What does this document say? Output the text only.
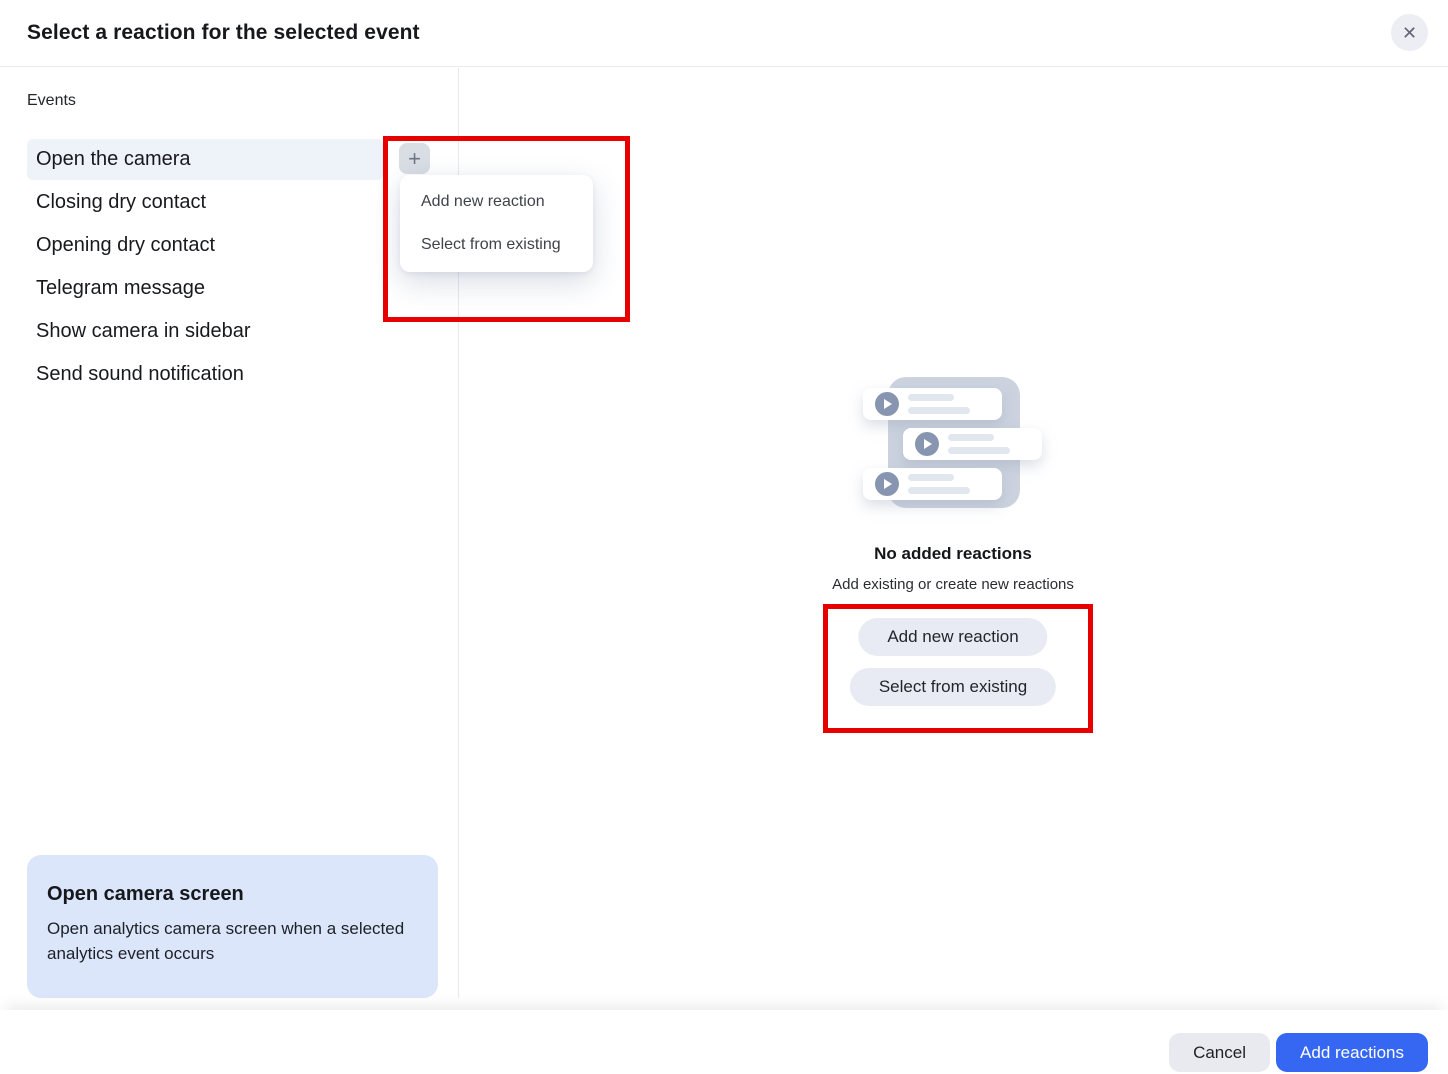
Select a reaction for the selected event	✕
Events
Open the camera
Closing dry contact
Opening dry contact
Telegram message
Show camera in sidebar
Send sound notification
+
Add new reaction
Select from existing
No added reactions
Add existing or create new reactions
Add new reaction
Select from existing
Open camera screen
Open analytics camera screen when a selected analytics event occurs
Cancel	Add reactions
